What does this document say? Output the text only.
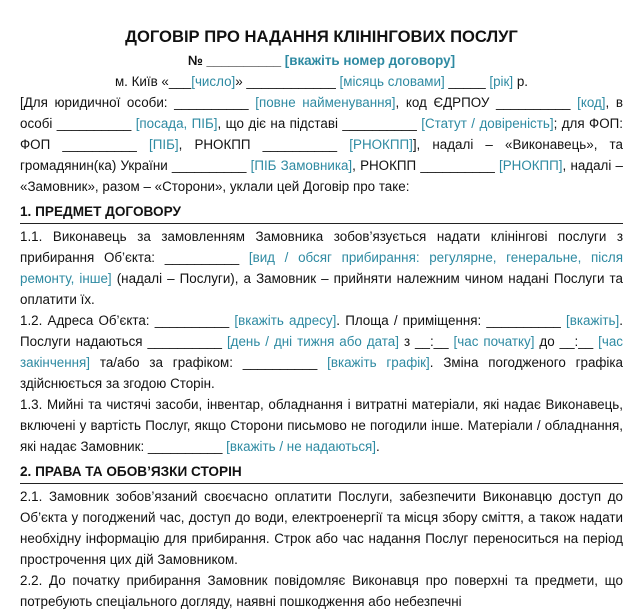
ДОГОВІР ПРО НАДАННЯ КЛІНІНГОВИХ ПОСЛУГ
№ __________ [вкажіть номер договору]
м. Київ «___[число]» ____________ [місяць словами] _____ [рік] р.

[Для юридичної особи: __________ [повне найменування], код ЄДРПОУ __________ [код], в особі __________ [посада, ПІБ], що діє на підставі __________ [Статут / довіреність]; для ФОП: ФОП __________ [ПІБ], РНОКПП __________ [РНОКПП]], надалі – «Виконавець», та громадянин(ка) України __________ [ПІБ Замовника], РНОКПП __________ [РНОКПП], надалі – «Замовник», разом – «Сторони», уклали цей Договір про таке:

1. ПРЕДМЕТ ДОГОВОРУ

1.1. Виконавець за замовленням Замовника зобов’язується надати клінінгові послуги з прибирання Об’єкта: __________ [вид / обсяг прибирання: регулярне, генеральне, після ремонту, інше] (надалі – Послуги), а Замовник – прийняти належним чином надані Послуги та оплатити їх.

1.2. Адреса Об’єкта: __________ [вкажіть адресу]. Площа / приміщення: __________ [вкажіть]. Послуги надаються __________ [день / дні тижня або дата] з __:__ [час початку] до __:__ [час закінчення] та/або за графіком: __________ [вкажіть графік]. Зміна погодженого графіка здійснюється за згодою Сторін.

1.3. Мийні та чистячі засоби, інвентар, обладнання і витратні матеріали, які надає Виконавець, включені у вартість Послуг, якщо Сторони письмово не погодили інше. Матеріали / обладнання, які надає Замовник: __________ [вкажіть / не надаються].

2. ПРАВА ТА ОБОВ’ЯЗКИ СТОРІН

2.1. Замовник зобов’язаний своєчасно оплатити Послуги, забезпечити Виконавцю доступ до Об’єкта у погоджений час, доступ до води, електроенергії та місця збору сміття, а також надати необхідну інформацію для прибирання. Строк або час надання Послуг переноситься на період прострочення цих дій Замовником.

2.2. До початку прибирання Замовник повідомляє Виконавця про поверхні та предмети, що потребують спеціального догляду, наявні пошкодження або небезпечні
